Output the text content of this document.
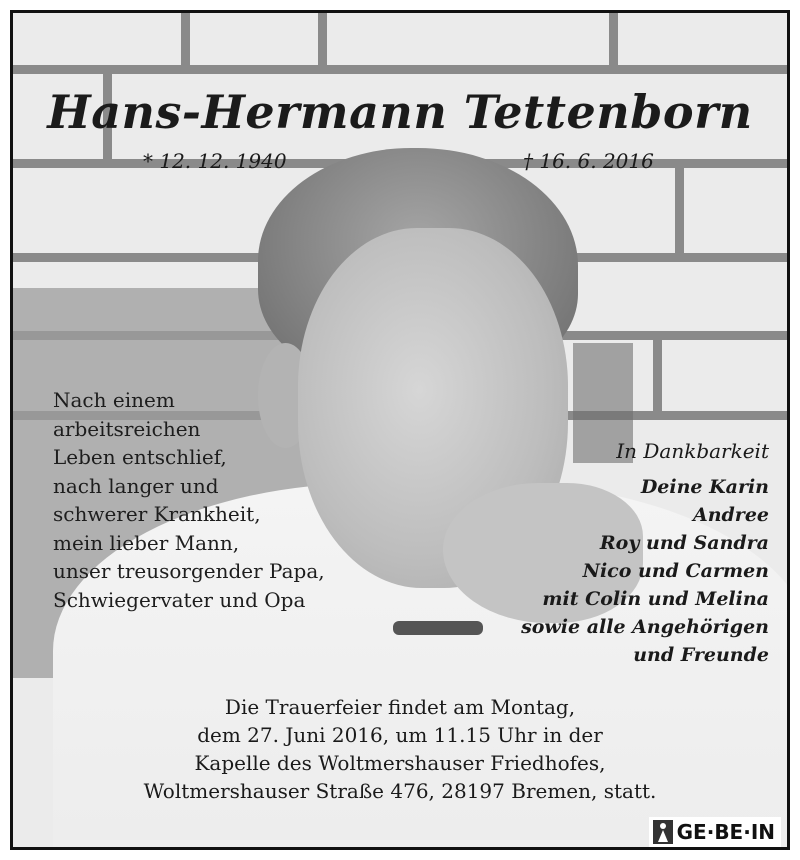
Hans-Hermann Tettenborn
* 12. 12. 1940	† 16. 6. 2016
Nach einem
arbeitsreichen
Leben entschlief,
nach langer und
schwerer Krankheit,
mein lieber Mann,
unser treusorgender Papa,
Schwiegervater und Opa
In Dankbarkeit
Deine Karin
Andree
Roy und Sandra
Nico und Carmen
mit Colin und Melina
sowie alle Angehörigen
und Freunde
Die Trauerfeier findet am Montag,
dem 27. Juni 2016, um 11.15 Uhr in der
Kapelle des Woltmershauser Friedhofes,
Woltmershauser Straße 476, 28197 Bremen, statt.
GE·BE·IN
